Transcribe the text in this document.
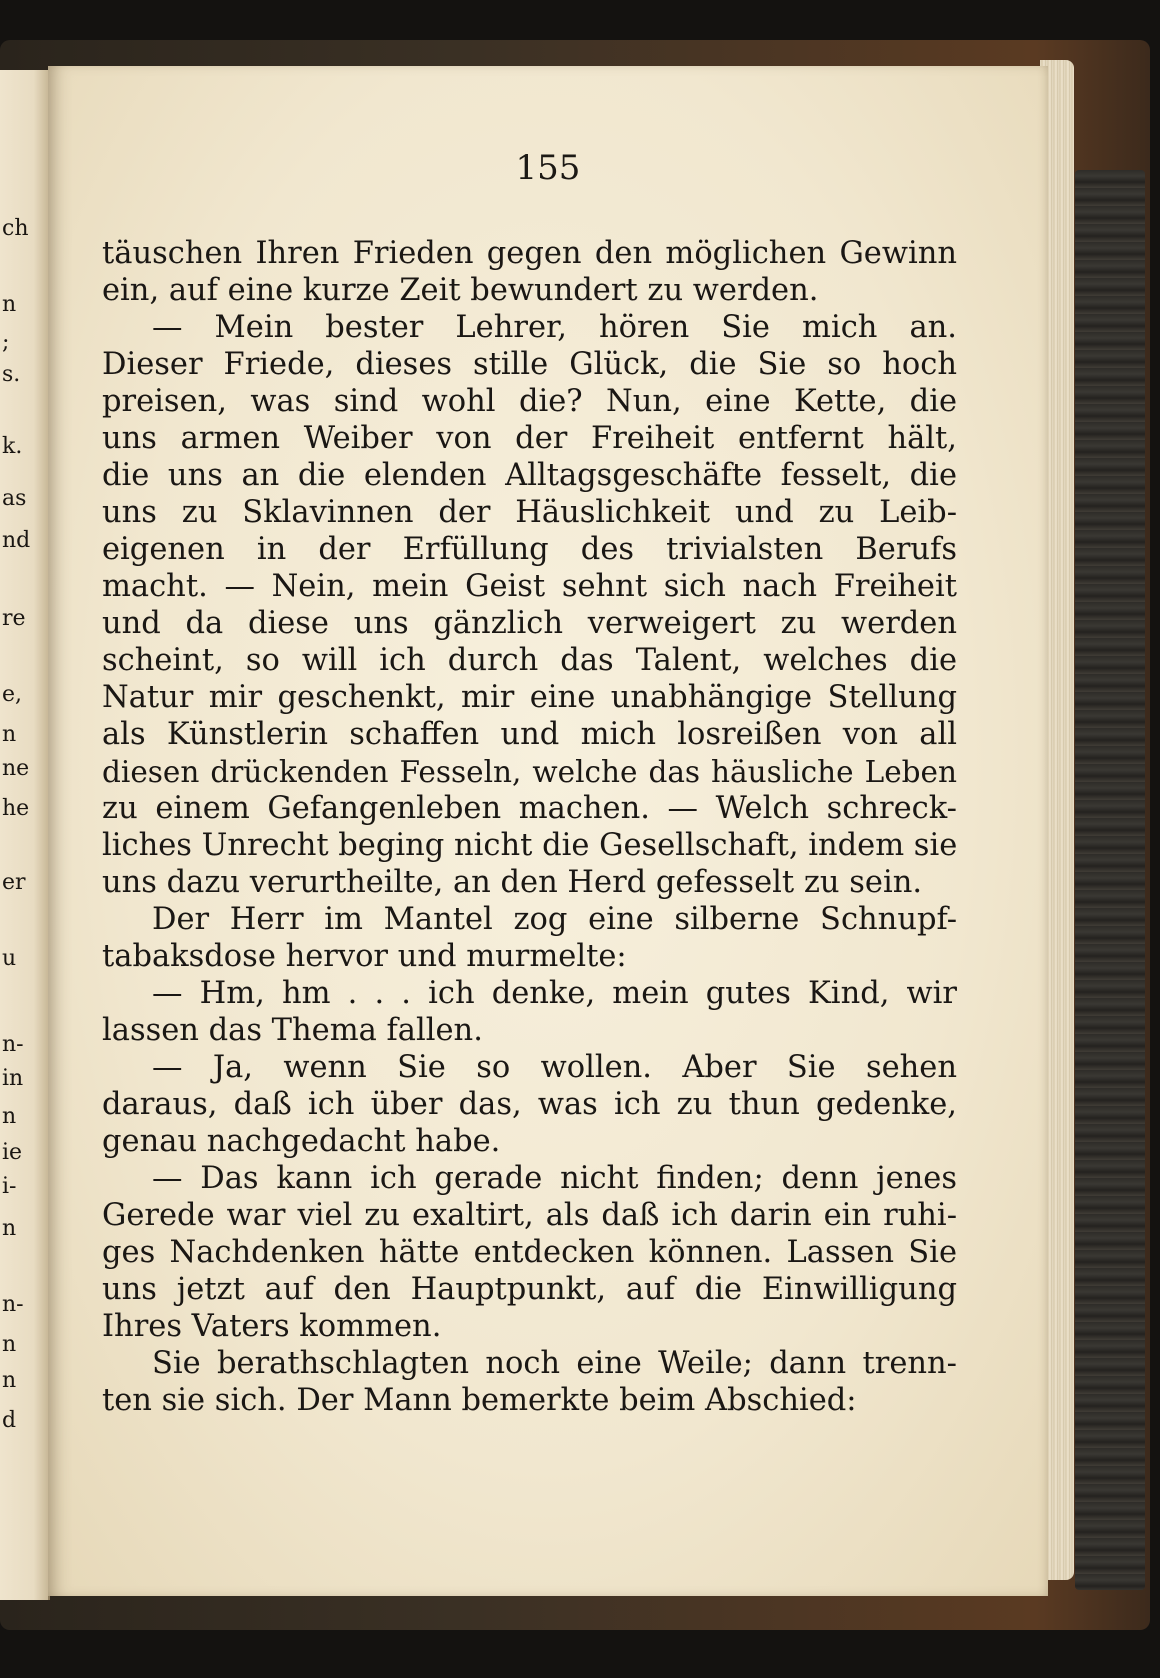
ch
n
;
s.
k.
as
nd
re
e,
n
ne
he
er
u
n-
in
n
ie
i-
n
n-
n
n
d
155
täuschen Ihren Frieden gegen den möglichen Gewinn
ein, auf eine kurze Zeit bewundert zu werden.
— Mein bester Lehrer, hören Sie mich an.
Dieser Friede, dieses stille Glück, die Sie so hoch
preisen, was sind wohl die? Nun, eine Kette, die
uns armen Weiber von der Freiheit entfernt hält,
die uns an die elenden Alltagsgeschäfte fesselt, die
uns zu Sklavinnen der Häuslichkeit und zu Leib-
eigenen in der Erfüllung des trivialsten Berufs
macht. — Nein, mein Geist sehnt sich nach Freiheit
und da diese uns gänzlich verweigert zu werden
scheint, so will ich durch das Talent, welches die
Natur mir geschenkt, mir eine unabhängige Stellung
als Künstlerin schaffen und mich losreißen von all
diesen drückenden Fesseln, welche das häusliche Leben
zu einem Gefangenleben machen. — Welch schreck-
liches Unrecht beging nicht die Gesellschaft, indem sie
uns dazu verurtheilte, an den Herd gefesselt zu sein.
Der Herr im Mantel zog eine silberne Schnupf-
tabaksdose hervor und murmelte:
— Hm, hm . . . ich denke, mein gutes Kind, wir
lassen das Thema fallen.
— Ja, wenn Sie so wollen. Aber Sie sehen
daraus, daß ich über das, was ich zu thun gedenke,
genau nachgedacht habe.
— Das kann ich gerade nicht finden; denn jenes
Gerede war viel zu exaltirt, als daß ich darin ein ruhi-
ges Nachdenken hätte entdecken können. Lassen Sie
uns jetzt auf den Hauptpunkt, auf die Einwilligung
Ihres Vaters kommen.
Sie berathschlagten noch eine Weile; dann trenn-
ten sie sich. Der Mann bemerkte beim Abschied:
